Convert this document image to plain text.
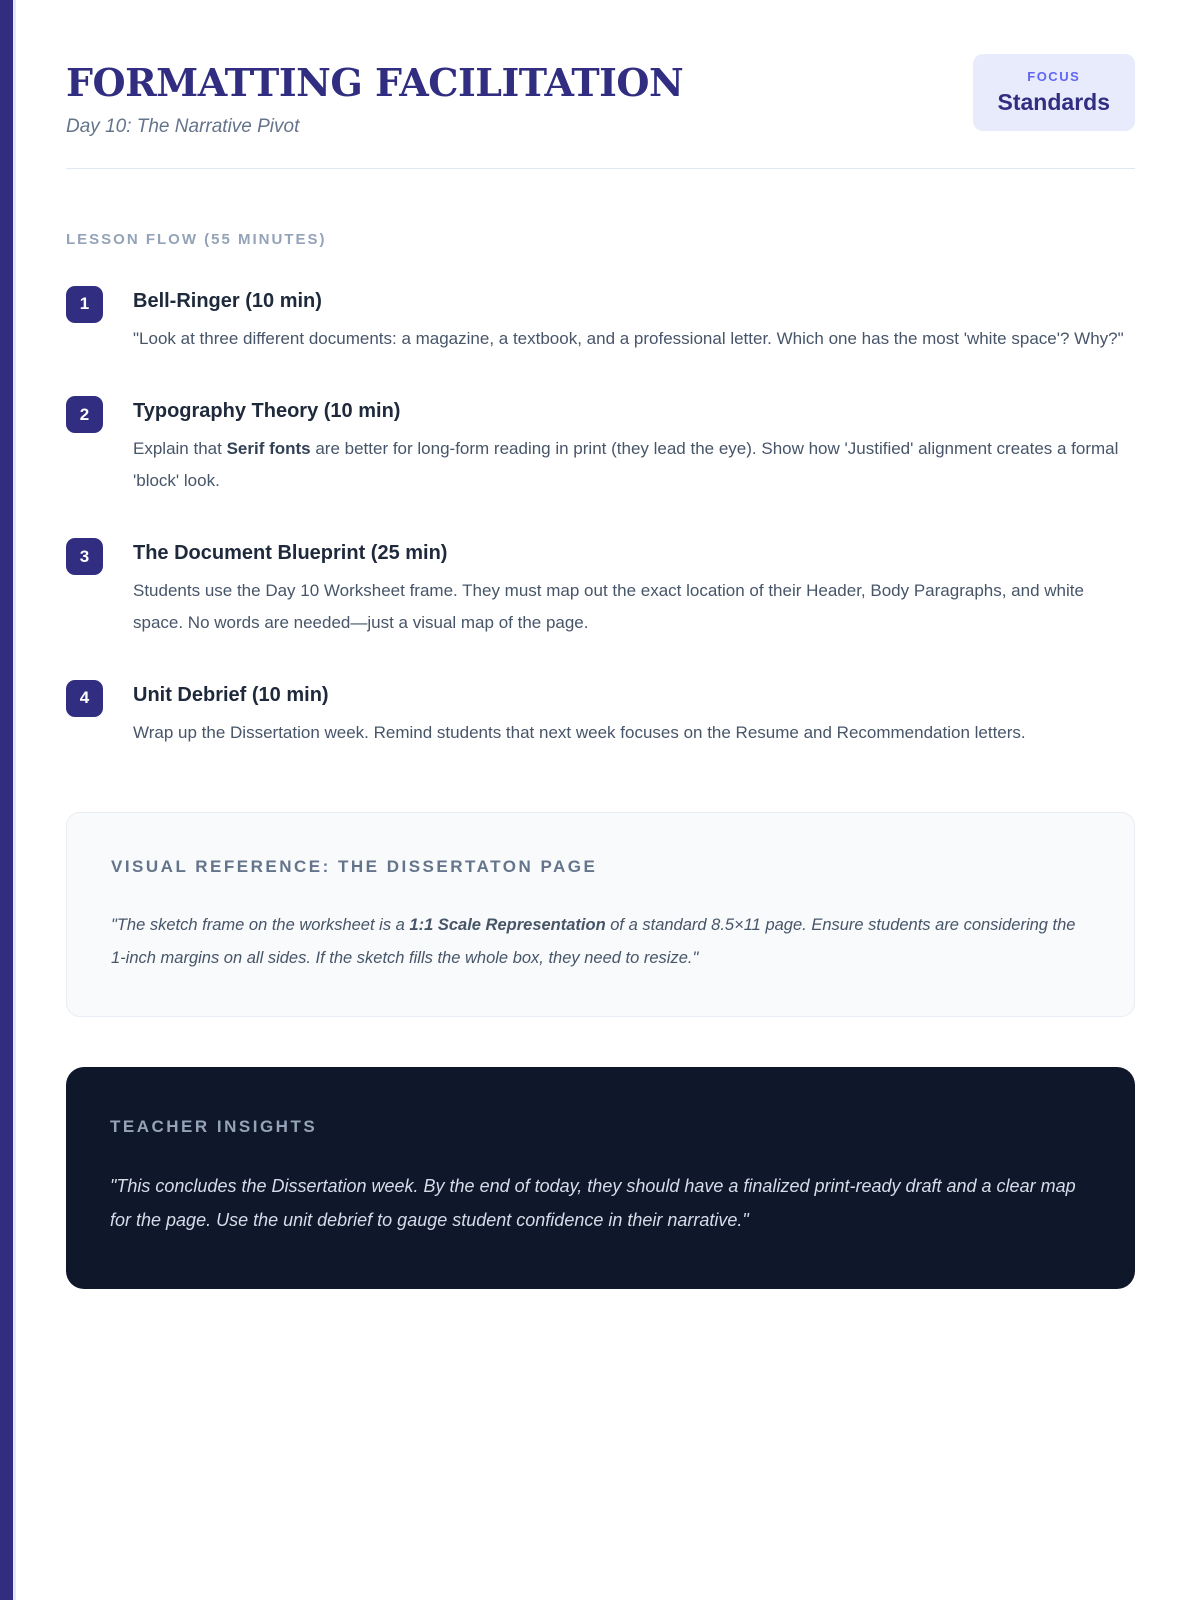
FORMATTING FACILITATION

Day 10: The Narrative Pivot

FOCUS
Standards
LESSON FLOW (55 MINUTES)
1	Bell-Ringer (10 min)

"Look at three different documents: a magazine, a textbook, and a professional letter. Which one has the most 'white space'? Why?"

2	Typography Theory (10 min)

Explain that Serif fonts are better for long-form reading in print (they lead the eye). Show how 'Justified' alignment creates a formal 'block' look.

3	The Document Blueprint (25 min)

Students use the Day 10 Worksheet frame. They must map out the exact location of their Header, Body Paragraphs, and white space. No words are needed—just a visual map of the page.

4	Unit Debrief (10 min)

Wrap up the Dissertation week. Remind students that next week focuses on the Resume and Recommendation letters.

VISUAL REFERENCE: THE DISSERTATON PAGE

"The sketch frame on the worksheet is a 1:1 Scale Representation of a standard 8.5×11 page. Ensure students are considering the 1-inch margins on all sides. If the sketch fills the whole box, they need to resize."

TEACHER INSIGHTS

"This concludes the Dissertation week. By the end of today, they should have a finalized print-ready draft and a clear map for the page. Use the unit debrief to gauge student confidence in their narrative."
